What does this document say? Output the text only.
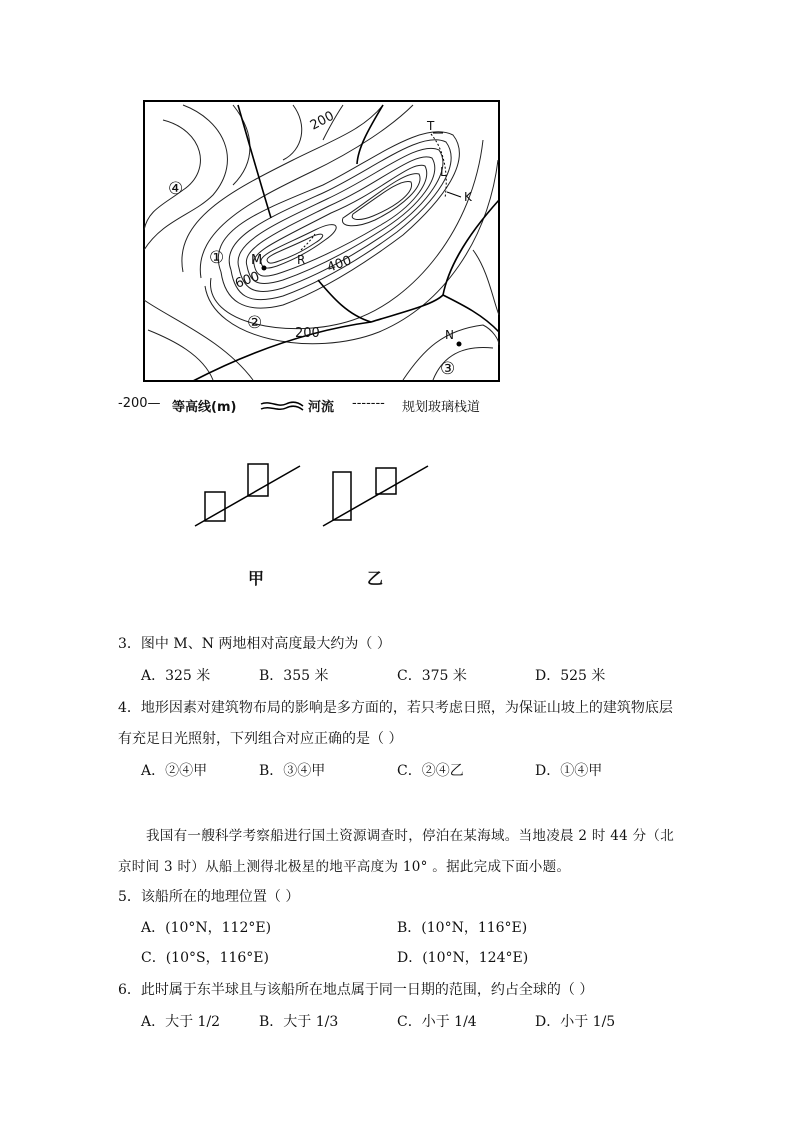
200
200
400
600
M	R
T
L
K
N
①
②
③
④
-200— 等高线(m)	河流 ------- 规划玻璃栈道
甲	乙
3．图中 M、N 两地相对高度最大约为（ ）
A．325 米	B．355 米	C．375 米	D．525 米
4．地形因素对建筑物布局的影响是多方面的，若只考虑日照，为保证山坡上的建筑物底层
有充足日光照射，下列组合对应正确的是（ ）
A．②④甲	B．③④甲	C．②④乙	D．①④甲
我国有一艘科学考察船进行国土资源调查时，停泊在某海域。当地凌晨 2 时 44 分（北
京时间 3 时）从船上测得北极星的地平高度为 10° 。据此完成下面小题。
5．该船所在的地理位置（ ）
A．(10°N，112°E)	B．(10°N，116°E)
C．(10°S，116°E)	D．(10°N，124°E)
6．此时属于东半球且与该船所在地点属于同一日期的范围，约占全球的（ ）
A．大于 1/2	B．大于 1/3	C．小于 1/4	D．小于 1/5
